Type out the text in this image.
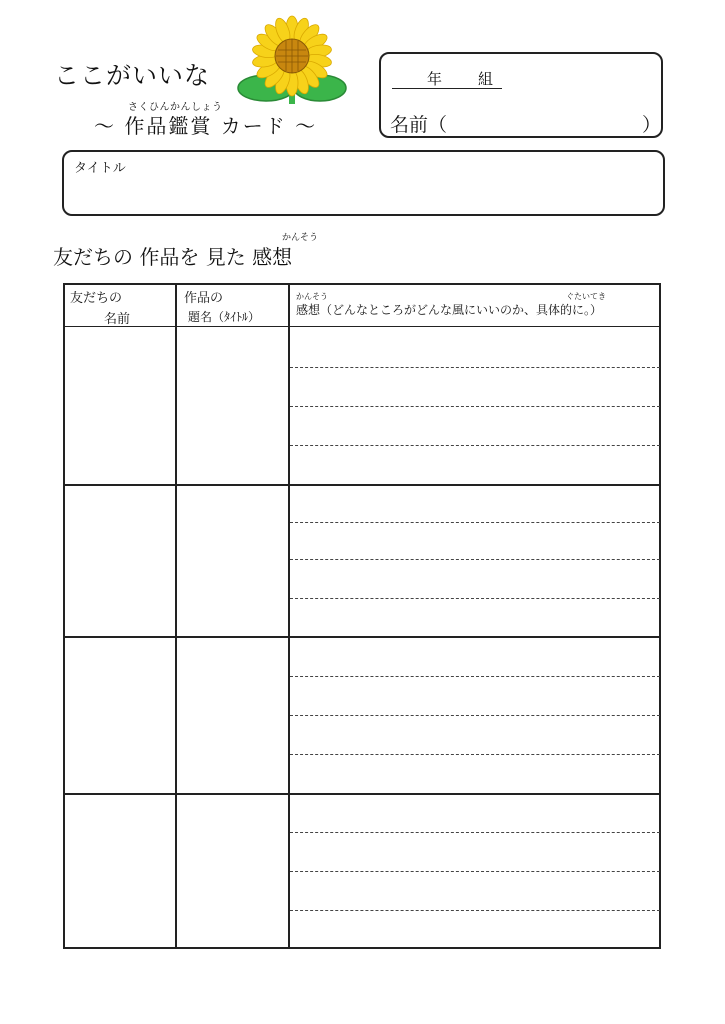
ここがいいな
さくひんかんしょう
～ 作品鑑賞 カード ～
年 組
名前（	）
タイトル
かんそう
友だちの 作品を 見た 感想
友だちの
名前
作品の
題名（ﾀｲﾄﾙ）
かんそう
感想（どんなところがどんな風にいいのか、具体的に。）
ぐたいてき
